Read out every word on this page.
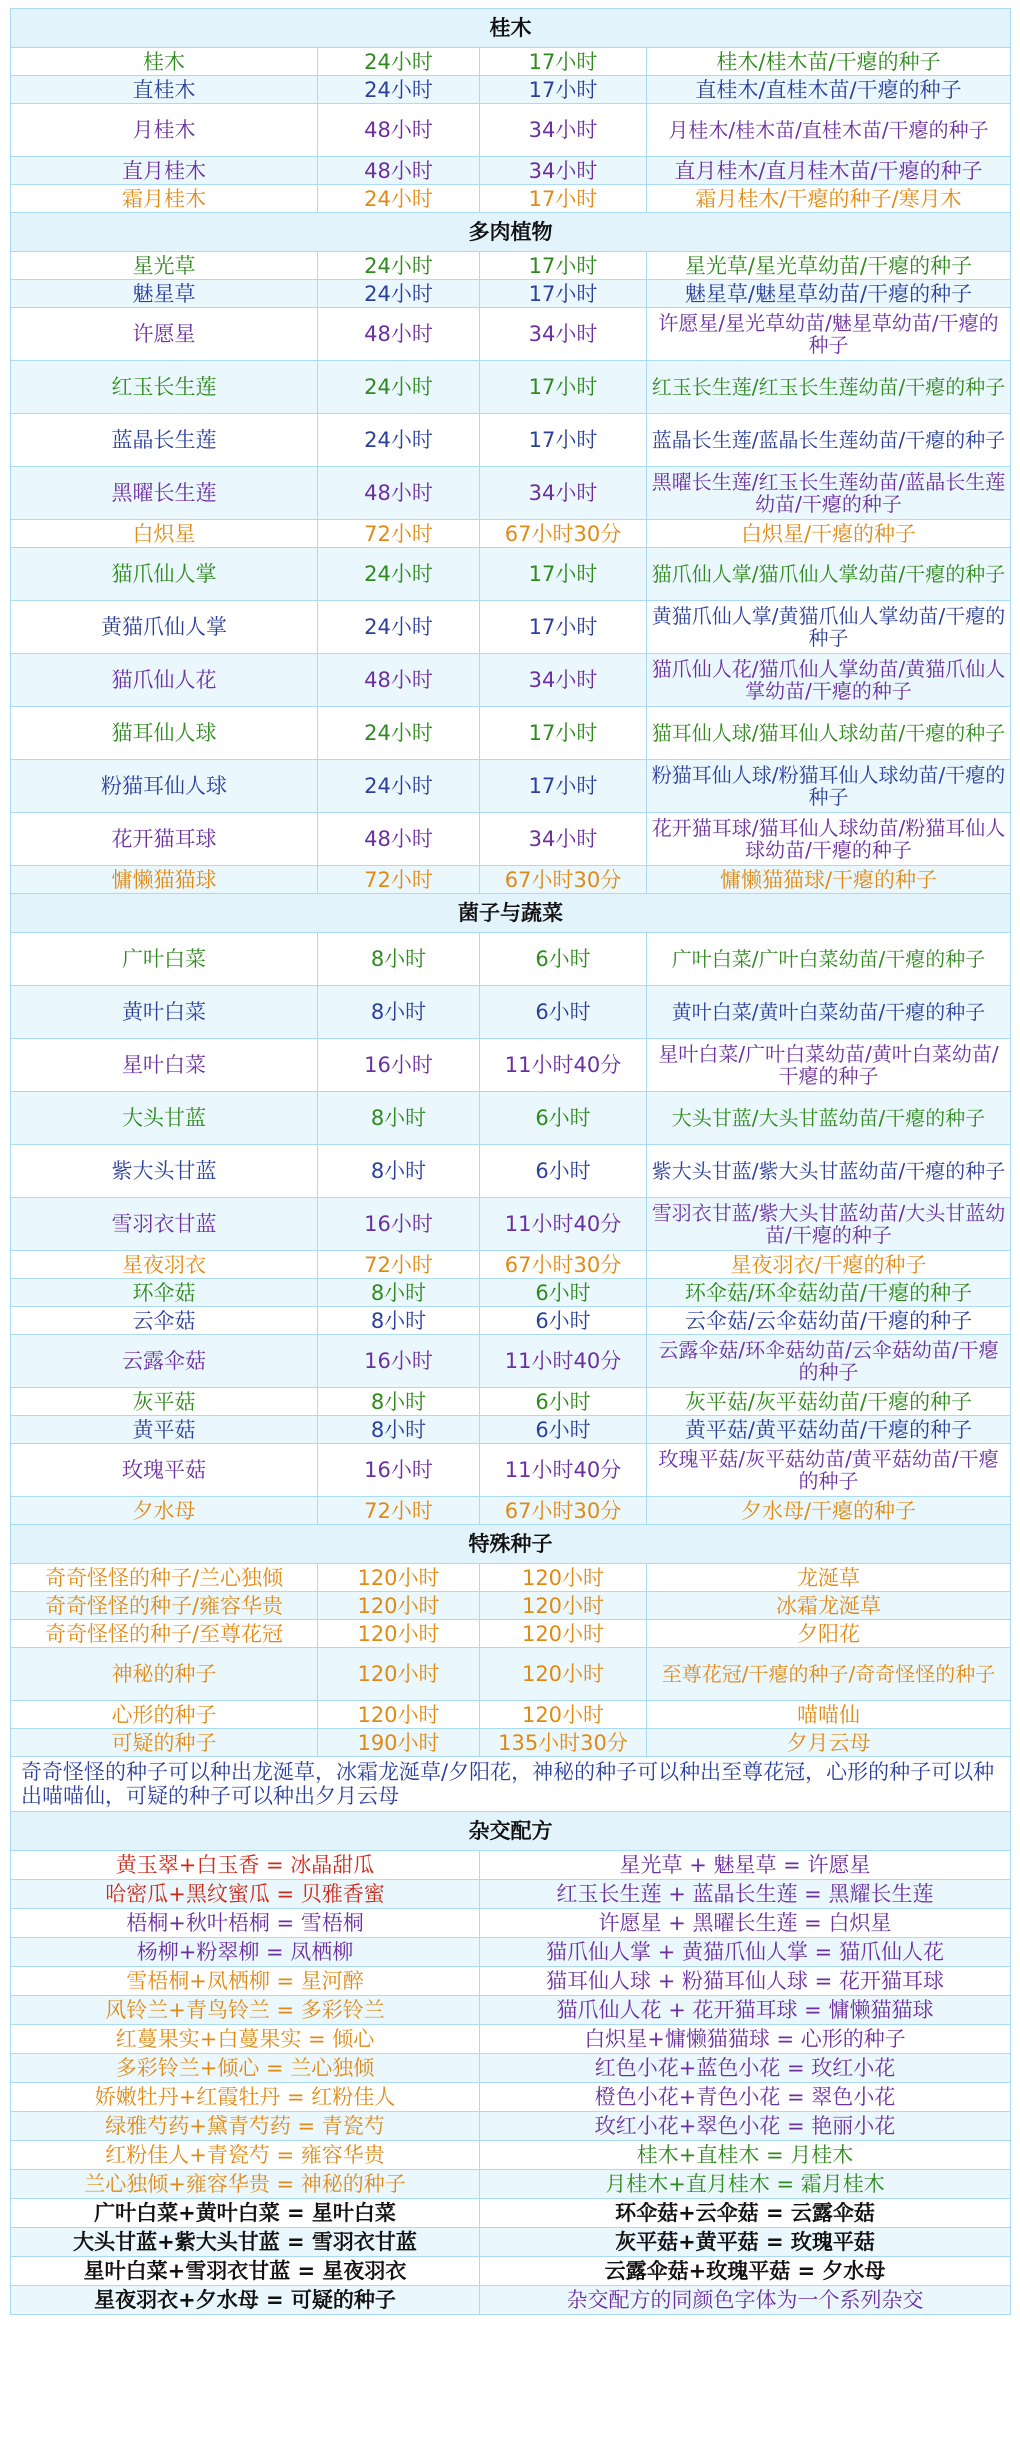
桂木			
桂木	24小时	17小时	桂木/桂木苗/干瘪的种子
直桂木	24小时	17小时	直桂木/直桂木苗/干瘪的种子
月桂木	48小时	34小时	月桂木/桂木苗/直桂木苗/干瘪的种子
直月桂木	48小时	34小时	直月桂木/直月桂木苗/干瘪的种子
霜月桂木	24小时	17小时	霜月桂木/干瘪的种子/寒月木
多肉植物			
星光草	24小时	17小时	星光草/星光草幼苗/干瘪的种子
魅星草	24小时	17小时	魅星草/魅星草幼苗/干瘪的种子
许愿星	48小时	34小时	许愿星/星光草幼苗/魅星草幼苗/干瘪的种子
红玉长生莲	24小时	17小时	红玉长生莲/红玉长生莲幼苗/干瘪的种子
蓝晶长生莲	24小时	17小时	蓝晶长生莲/蓝晶长生莲幼苗/干瘪的种子
黑曜长生莲	48小时	34小时	黑曜长生莲/红玉长生莲幼苗/蓝晶长生莲幼苗/干瘪的种子
白炽星	72小时	67小时30分	白炽星/干瘪的种子
猫爪仙人掌	24小时	17小时	猫爪仙人掌/猫爪仙人掌幼苗/干瘪的种子
黄猫爪仙人掌	24小时	17小时	黄猫爪仙人掌/黄猫爪仙人掌幼苗/干瘪的种子
猫爪仙人花	48小时	34小时	猫爪仙人花/猫爪仙人掌幼苗/黄猫爪仙人掌幼苗/干瘪的种子
猫耳仙人球	24小时	17小时	猫耳仙人球/猫耳仙人球幼苗/干瘪的种子
粉猫耳仙人球	24小时	17小时	粉猫耳仙人球/粉猫耳仙人球幼苗/干瘪的种子
花开猫耳球	48小时	34小时	花开猫耳球/猫耳仙人球幼苗/粉猫耳仙人球幼苗/干瘪的种子
慵懒猫猫球	72小时	67小时30分	慵懒猫猫球/干瘪的种子
菌子与蔬菜			
广叶白菜	8小时	6小时	广叶白菜/广叶白菜幼苗/干瘪的种子
黄叶白菜	8小时	6小时	黄叶白菜/黄叶白菜幼苗/干瘪的种子
星叶白菜	16小时	11小时40分	星叶白菜/广叶白菜幼苗/黄叶白菜幼苗/干瘪的种子
大头甘蓝	8小时	6小时	大头甘蓝/大头甘蓝幼苗/干瘪的种子
紫大头甘蓝	8小时	6小时	紫大头甘蓝/紫大头甘蓝幼苗/干瘪的种子
雪羽衣甘蓝	16小时	11小时40分	雪羽衣甘蓝/紫大头甘蓝幼苗/大头甘蓝幼苗/干瘪的种子
星夜羽衣	72小时	67小时30分	星夜羽衣/干瘪的种子
环伞菇	8小时	6小时	环伞菇/环伞菇幼苗/干瘪的种子
云伞菇	8小时	6小时	云伞菇/云伞菇幼苗/干瘪的种子
云露伞菇	16小时	11小时40分	云露伞菇/环伞菇幼苗/云伞菇幼苗/干瘪的种子
灰平菇	8小时	6小时	灰平菇/灰平菇幼苗/干瘪的种子
黄平菇	8小时	6小时	黄平菇/黄平菇幼苗/干瘪的种子
玫瑰平菇	16小时	11小时40分	玫瑰平菇/灰平菇幼苗/黄平菇幼苗/干瘪的种子
夕水母	72小时	67小时30分	夕水母/干瘪的种子
特殊种子			
奇奇怪怪的种子/兰心独倾	120小时	120小时	龙涎草
奇奇怪怪的种子/雍容华贵	120小时	120小时	冰霜龙涎草
奇奇怪怪的种子/至尊花冠	120小时	120小时	夕阳花
神秘的种子	120小时	120小时	至尊花冠/干瘪的种子/奇奇怪怪的种子
心形的种子	120小时	120小时	喵喵仙
可疑的种子	190小时	135小时30分	夕月云母
奇奇怪怪的种子可以种出龙涎草，冰霜龙涎草/夕阳花，神秘的种子可以种出至尊花冠，心形的种子可以种出喵喵仙，可疑的种子可以种出夕月云母			
杂交配方			
黄玉翠+白玉香 = 冰晶甜瓜		星光草 + 魅星草 = 许愿星	
哈密瓜+黑纹蜜瓜 = 贝雅香蜜		红玉长生莲 + 蓝晶长生莲 = 黑耀长生莲	
梧桐+秋叶梧桐 = 雪梧桐		许愿星 + 黑曜长生莲 = 白炽星	
杨柳+粉翠柳 = 凤栖柳		猫爪仙人掌 + 黄猫爪仙人掌 = 猫爪仙人花	
雪梧桐+凤栖柳 = 星河醉		猫耳仙人球 + 粉猫耳仙人球 = 花开猫耳球	
风铃兰+青鸟铃兰 = 多彩铃兰		猫爪仙人花 + 花开猫耳球 = 慵懒猫猫球	
红蔓果实+白蔓果实 = 倾心		白炽星+慵懒猫猫球 = 心形的种子	
多彩铃兰+倾心 = 兰心独倾		红色小花+蓝色小花 = 玫红小花	
娇嫩牡丹+红霞牡丹 = 红粉佳人		橙色小花+青色小花 = 翠色小花	
绿雅芍药+黛青芍药 = 青瓷芍		玫红小花+翠色小花 = 艳丽小花	
红粉佳人+青瓷芍 = 雍容华贵		桂木+直桂木 = 月桂木	
兰心独倾+雍容华贵 = 神秘的种子		月桂木+直月桂木 = 霜月桂木	
广叶白菜+黄叶白菜 = 星叶白菜		环伞菇+云伞菇 = 云露伞菇	
大头甘蓝+紫大头甘蓝 = 雪羽衣甘蓝		灰平菇+黄平菇 = 玫瑰平菇	
星叶白菜+雪羽衣甘蓝 = 星夜羽衣		云露伞菇+玫瑰平菇 = 夕水母	
星夜羽衣+夕水母 = 可疑的种子		杂交配方的同颜色字体为一个系列杂交	
